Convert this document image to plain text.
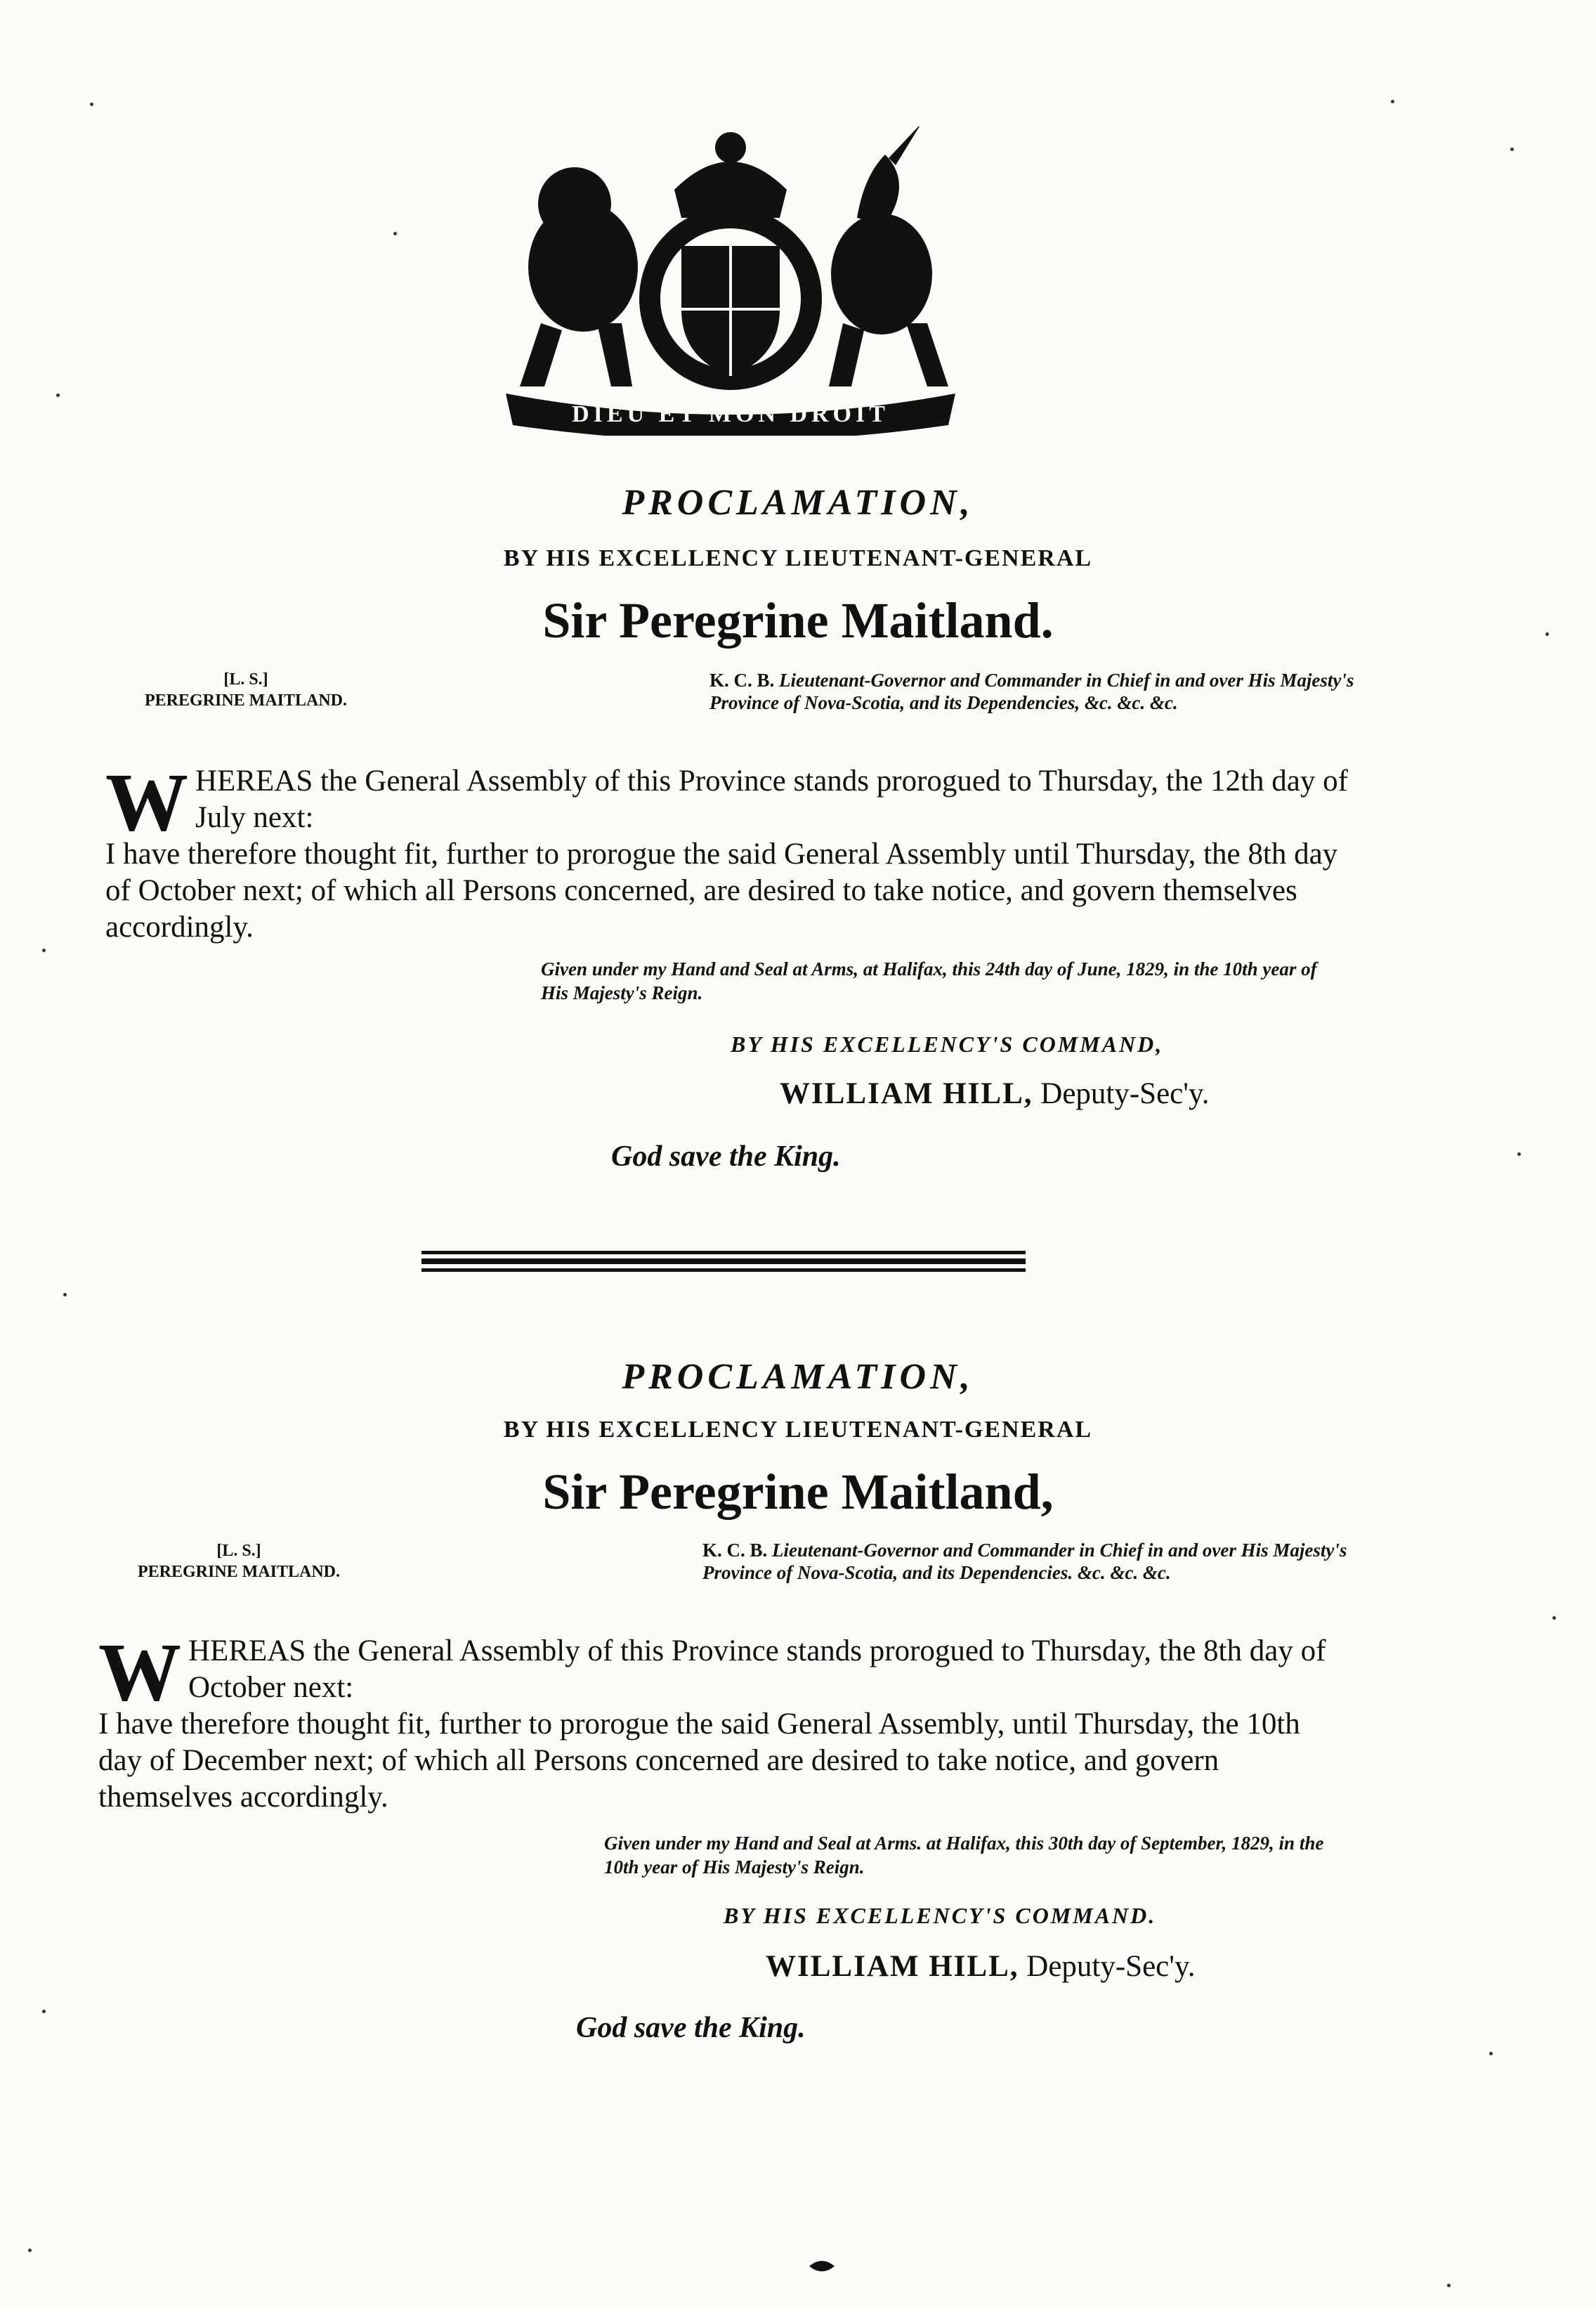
DIEU ET MON DROIT
PROCLAMATION,
BY HIS EXCELLENCY LIEUTENANT-GENERAL
Sir Peregrine Maitland.
[L. S.]
PEREGRINE MAITLAND.
K. C. B. Lieutenant-Governor and Commander in Chief in and over His Majesty's Province of Nova-Scotia, and its Dependencies, &c. &c. &c.
W HEREAS the General Assembly of this Province stands prorogued to Thursday, the 12th day of July next:
I have therefore thought fit, further to prorogue the said General Assembly until Thursday, the 8th day of October next; of which all Persons concerned, are desired to take notice, and govern themselves accordingly.
Given under my Hand and Seal at Arms, at Halifax, this 24th day of June, 1829, in the 10th year of His Majesty's Reign.
BY HIS EXCELLENCY'S COMMAND,
WILLIAM HILL, Deputy-Sec'y.
God save the King.
PROCLAMATION,
BY HIS EXCELLENCY LIEUTENANT-GENERAL
Sir Peregrine Maitland,
[L. S.]
PEREGRINE MAITLAND.
K. C. B. Lieutenant-Governor and Commander in Chief in and over His Majesty's Province of Nova-Scotia, and its Dependencies. &c. &c. &c.
W HEREAS the General Assembly of this Province stands prorogued to Thursday, the 8th day of October next:
I have therefore thought fit, further to prorogue the said General Assembly, until Thursday, the 10th day of December next; of which all Persons concerned are desired to take notice, and govern themselves accordingly.
Given under my Hand and Seal at Arms. at Halifax, this 30th day of September, 1829, in the 10th year of His Majesty's Reign.
BY HIS EXCELLENCY'S COMMAND.
WILLIAM HILL, Deputy-Sec'y.
God save the King.
